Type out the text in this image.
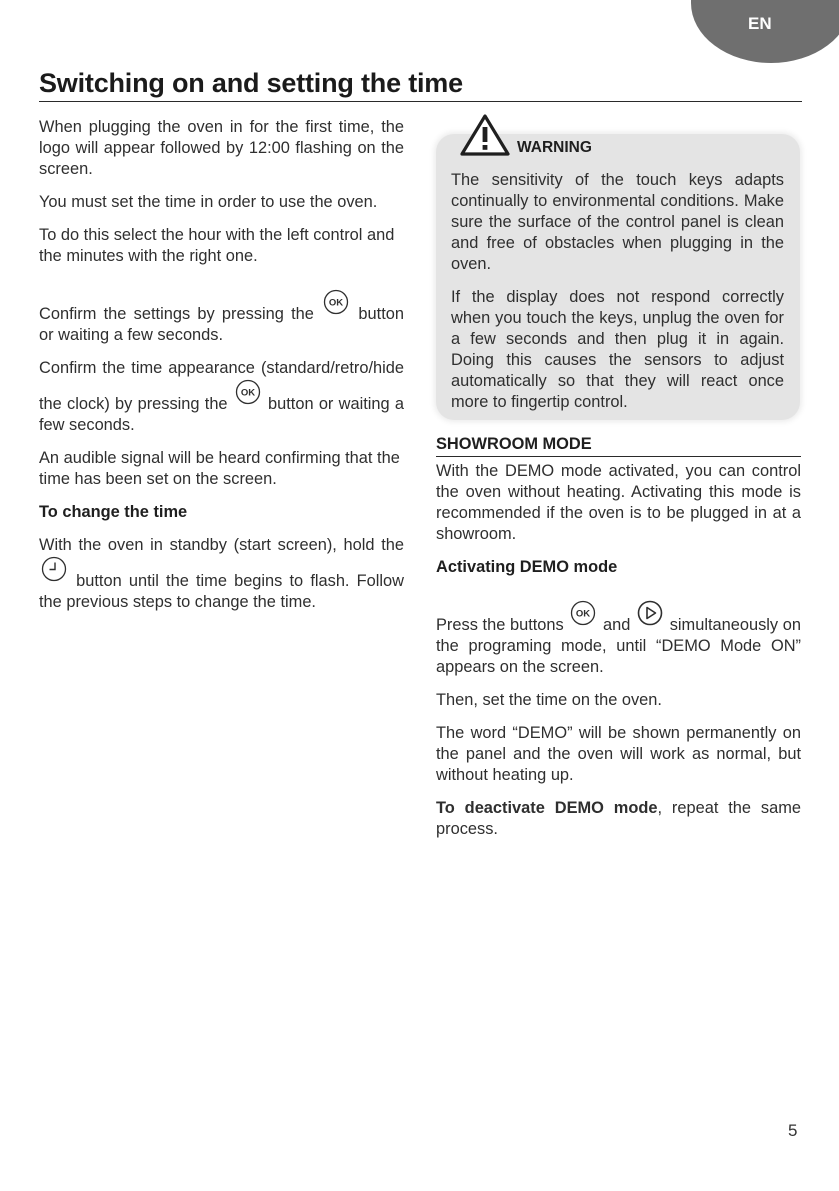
EN
Switching on and setting the time

When plugging the oven in for the first time, the logo will appear followed by 12:00 flashing on the screen.

You must set the time in order to use the oven.

To do this select the hour with the left control and the minutes with the right one.

Confirm the settings by pressing the
OK
button or waiting a few seconds.

Confirm the time appearance (standard/retro/hide the clock) by pressing the
OK
button or waiting a few seconds.

An audible signal will be heard confirming that the time has been set on the screen.

To change the time

With the oven in standby (start screen), hold the  button until the time begins to flash. Follow the previous steps to change the time.

WARNING

The sensitivity of the touch keys adapts continually to environmental conditions. Make sure the surface of the control panel is clean and free of obstacles when plugging in the oven.

If the display does not respond correctly when you touch the keys, unplug the oven for a few seconds and then plug it in again. Doing this causes the sensors to adjust automatically so that they will react once more to fingertip control.

SHOWROOM MODE

With the DEMO mode activated, you can control the oven without heating. Activating this mode is recommended if the oven is to be plugged in at a showroom.

Activating DEMO mode

Press the buttons
OK
and simultaneously on the programing mode, until “DEMO Mode ON” appears on the screen.

Then, set the time on the oven.

The word “DEMO” will be shown permanently on the panel and the oven will work as normal, but without heating up.

To deactivate DEMO mode, repeat the same process.

5
